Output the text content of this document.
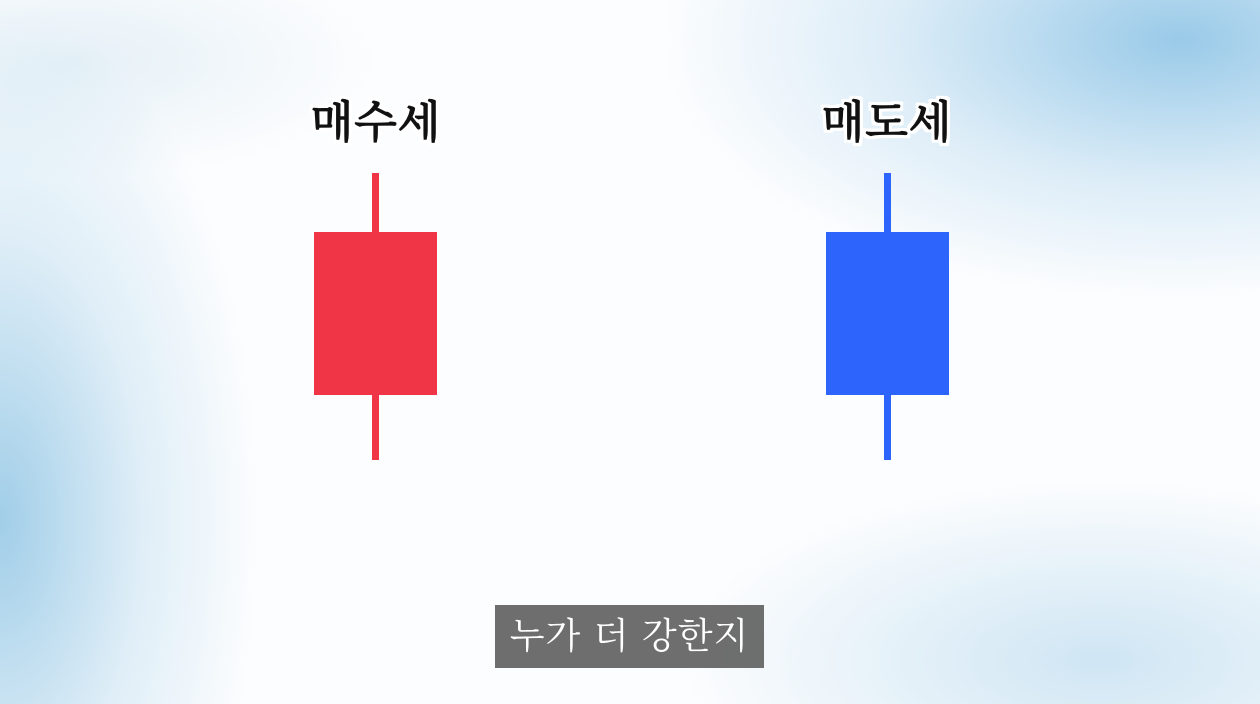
매수세	매도세
누가 더 강한지
